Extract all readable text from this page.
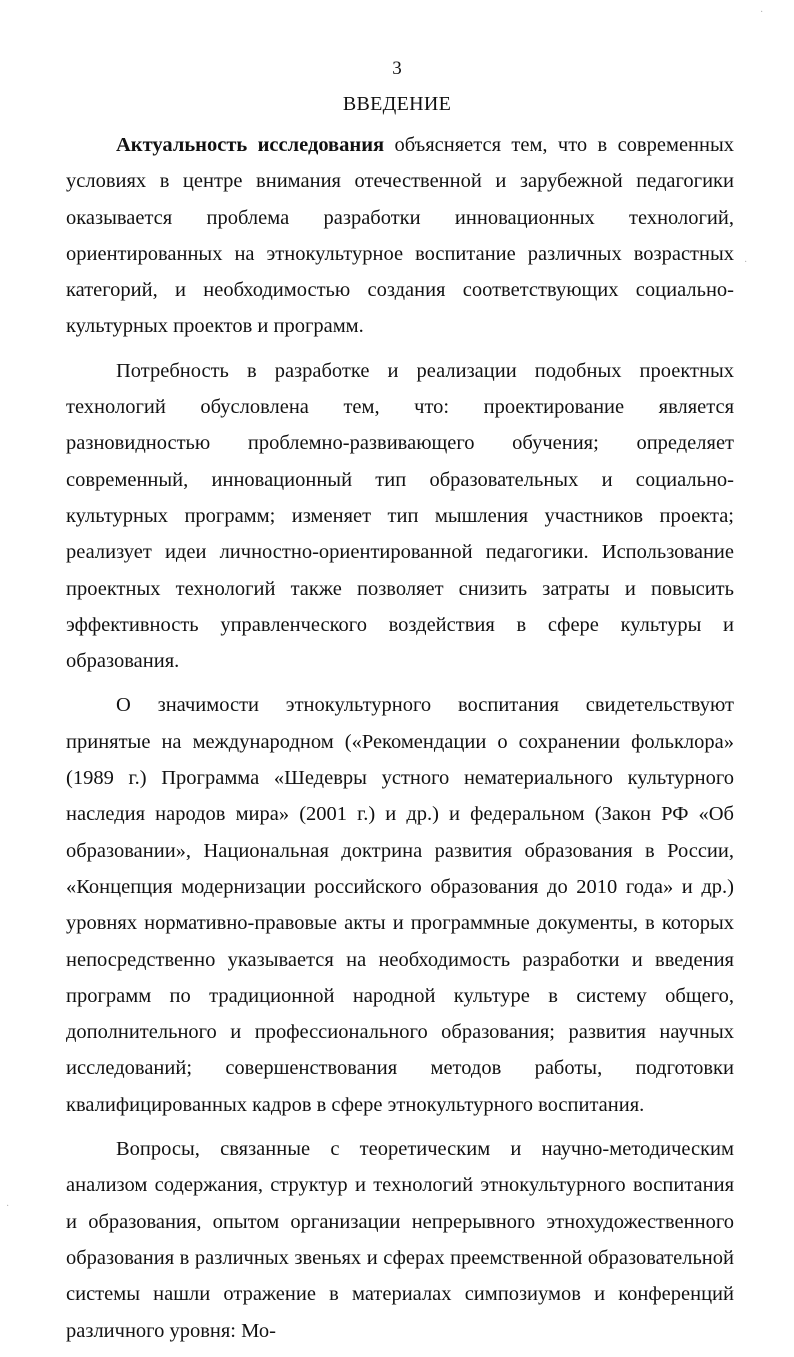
3
ВВЕДЕНИЕ

Актуальность исследования объясняется тем, что в современных условиях в центре внимания отечественной и зарубежной педагогики оказывается проблема разработки инновационных технологий, ориентированных на этнокультурное воспитание различных возрастных категорий, и необходимостью создания соответствующих социально-культурных проектов и программ.

Потребность в разработке и реализации подобных проектных технологий обусловлена тем, что: проектирование является разновидностью проблемно-развивающего обучения; определяет современный, инновационный тип образовательных и социально-культурных программ; изменяет тип мышления участников проекта; реализует идеи личностно-ориентированной педагогики. Использование проектных технологий также позволяет снизить затраты и повысить эффективность управленческого воздействия в сфере культуры и образования.

О значимости этнокультурного воспитания свидетельствуют принятые на международном («Рекомендации о сохранении фольклора» (1989 г.) Программа «Шедевры устного нематериального культурного наследия народов мира» (2001 г.) и др.) и федеральном (Закон РФ «Об образовании», Национальная доктрина развития образования в России, «Концепция модернизации российского образования до 2010 года» и др.) уровнях нормативно-правовые акты и программные документы, в которых непосредственно указывается на необходимость разработки и введения программ по традиционной народной культуре в систему общего, дополнительного и профессионального образования; развития научных исследований; совершенствования методов работы, подготовки квалифицированных кадров в сфере этнокультурного воспитания.

Вопросы, связанные с теоретическим и научно-методическим анализом содержания, структур и технологий этнокультурного воспитания и образования, опытом организации непрерывного этнохудожественного образования в различных звеньях и сферах преемственной образовательной системы нашли отражение в материалах симпозиумов и конференций различного уровня: Мо-

·
·
·
